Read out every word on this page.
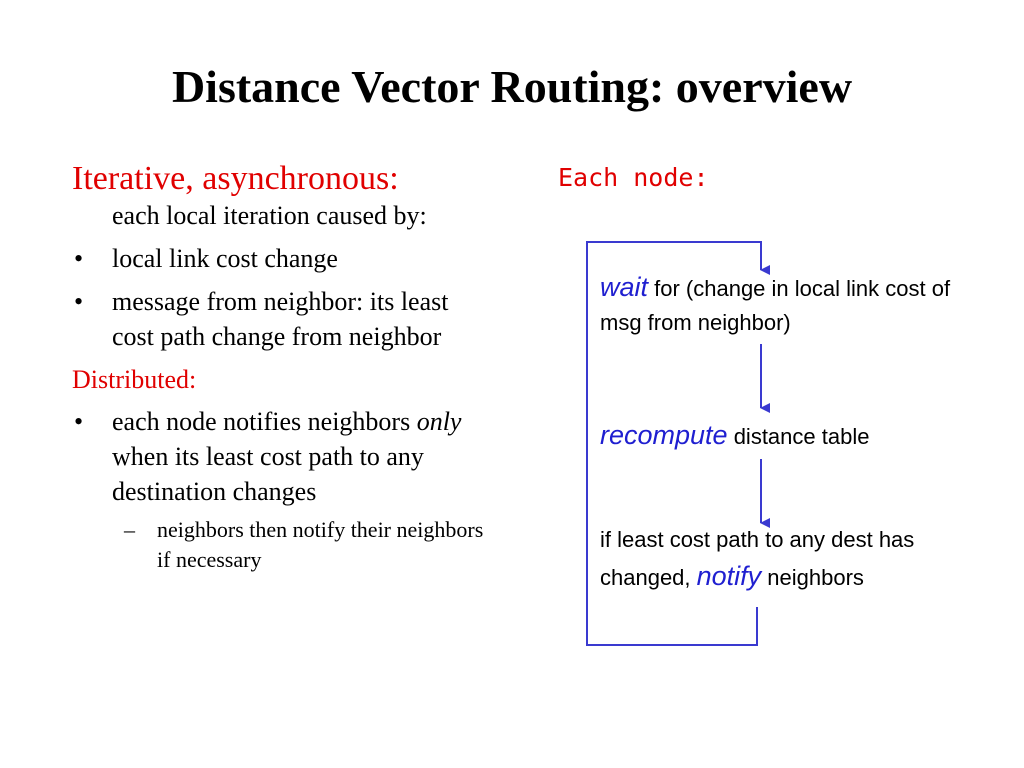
Distance Vector Routing: overview
Iterative, asynchronous:
each local iteration caused by:
• local link cost change
• message from neighbor: its least cost path change from neighbor
Distributed:
• each node notifies neighbors only when its least cost path to any destination changes
– neighbors then notify their neighbors if necessary
Each node:
wait for (change in local link cost of msg from neighbor)
recompute distance table
if least cost path to any dest has changed, notify neighbors
